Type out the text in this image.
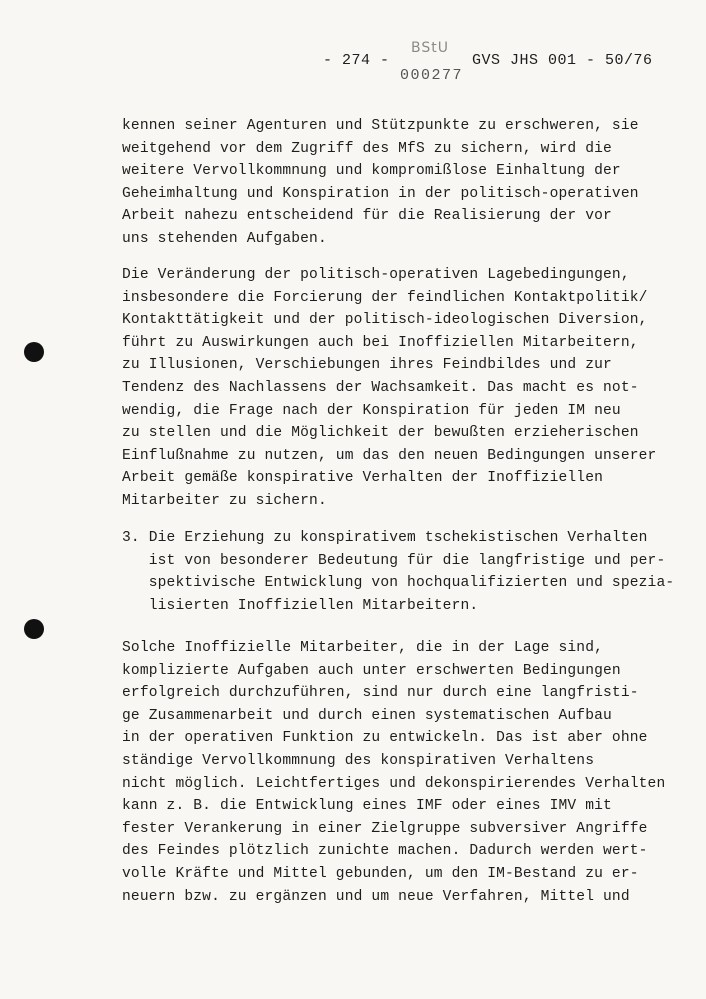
- 274 -
BStU
000277
GVS JHS 001 - 50/76
kennen seiner Agenturen und Stützpunkte zu erschweren, sie
weitgehend vor dem Zugriff des MfS zu sichern, wird die
weitere Vervollkommnung und kompromißlose Einhaltung der
Geheimhaltung und Konspiration in der politisch-operativen
Arbeit nahezu entscheidend für die Realisierung der vor
uns stehenden Aufgaben.
Die Veränderung der politisch-operativen Lagebedingungen,
insbesondere die Forcierung der feindlichen Kontaktpolitik/
Kontakttätigkeit und der politisch-ideologischen Diversion,
führt zu Auswirkungen auch bei Inoffiziellen Mitarbeitern,
zu Illusionen, Verschiebungen ihres Feindbildes und zur
Tendenz des Nachlassens der Wachsamkeit. Das macht es not-
wendig, die Frage nach der Konspiration für jeden IM neu
zu stellen und die Möglichkeit der bewußten erzieherischen
Einflußnahme zu nutzen, um das den neuen Bedingungen unserer
Arbeit gemäße konspirative Verhalten der Inoffiziellen
Mitarbeiter zu sichern.
3. Die Erziehung zu konspirativem tschekistischen Verhalten
ist von besonderer Bedeutung für die langfristige und per-
spektivische Entwicklung von hochqualifizierten und spezia-
lisierten Inoffiziellen Mitarbeitern.
Solche Inoffizielle Mitarbeiter, die in der Lage sind,
komplizierte Aufgaben auch unter erschwerten Bedingungen
erfolgreich durchzuführen, sind nur durch eine langfristi-
ge Zusammenarbeit und durch einen systematischen Aufbau
in der operativen Funktion zu entwickeln. Das ist aber ohne
ständige Vervollkommnung des konspirativen Verhaltens
nicht möglich. Leichtfertiges und dekonspirierendes Verhalten
kann z. B. die Entwicklung eines IMF oder eines IMV mit
fester Verankerung in einer Zielgruppe subversiver Angriffe
des Feindes plötzlich zunichte machen. Dadurch werden wert-
volle Kräfte und Mittel gebunden, um den IM-Bestand zu er-
neuern bzw. zu ergänzen und um neue Verfahren, Mittel und
